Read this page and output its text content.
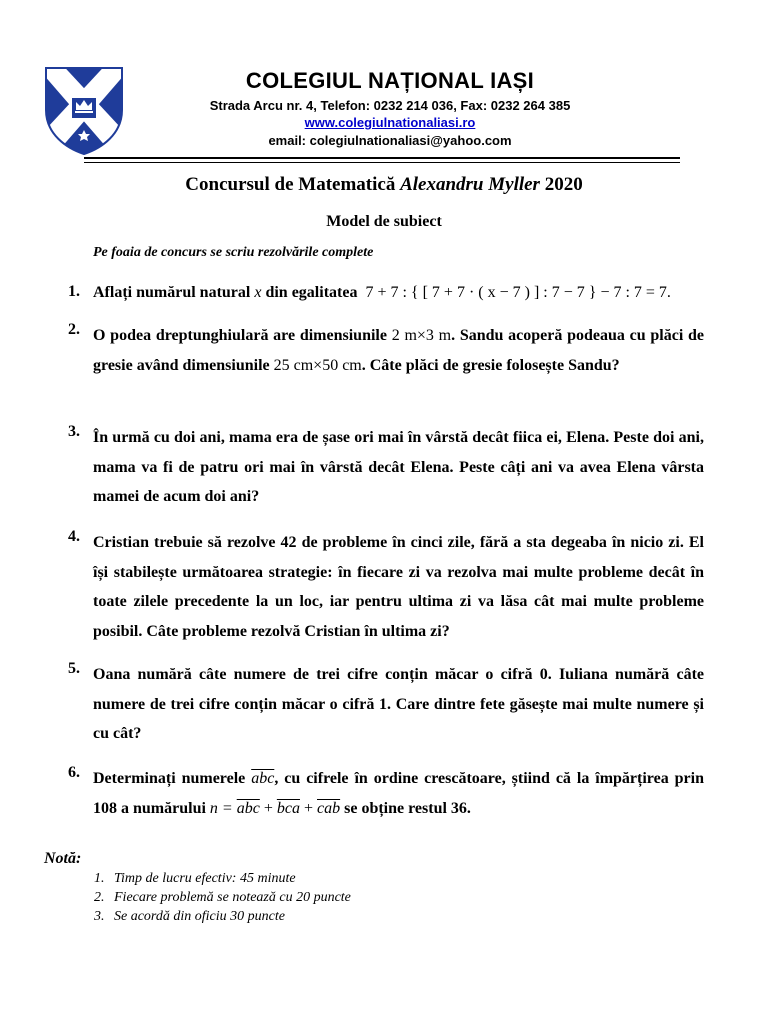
COLEGIUL NAȚIONAL IAȘI
Strada Arcu nr. 4, Telefon: 0232 214 036, Fax: 0232 264 385
www.colegiulnationaliasi.ro
email: colegiulnationaliasi@yahoo.com
Concursul de Matematică Alexandru Myller 2020
Model de subiect
Pe foaia de concurs se scriu rezolvările complete
1. Aflați numărul natural x din egalitatea 7 + 7 : { [ 7 + 7 · ( x − 7 ) ] : 7 − 7 } − 7 : 7 = 7.
2. O podea dreptunghiulară are dimensiunile 2 m×3 m. Sandu acoperă podeaua cu plăci de gresie având dimensiunile 25 cm×50 cm. Câte plăci de gresie folosește Sandu?
3. În urmă cu doi ani, mama era de șase ori mai în vârstă decât fiica ei, Elena. Peste doi ani, mama va fi de patru ori mai în vârstă decât Elena. Peste câți ani va avea Elena vârsta mamei de acum doi ani?
4. Cristian trebuie să rezolve 42 de probleme în cinci zile, fără a sta degeaba în nicio zi. El își stabilește următoarea strategie: în fiecare zi va rezolva mai multe probleme decât în toate zilele precedente la un loc, iar pentru ultima zi va lăsa cât mai multe probleme posibil. Câte probleme rezolvă Cristian în ultima zi?
5. Oana numără câte numere de trei cifre conțin măcar o cifră 0. Iuliana numără câte numere de trei cifre conțin măcar o cifră 1. Care dintre fete găsește mai multe numere și cu cât?
6. Determinați numerele $\overline{abc}$, cu cifrele în ordine crescătoare, știind că la împărțirea prin 108 a numărului $n = \overline{abc} + \overline{bca} + \overline{cab}$ se obține restul 36.
Notă:
1. Timp de lucru efectiv: 45 minute
2. Fiecare problemă se notează cu 20 puncte
3. Se acordă din oficiu 30 puncte
